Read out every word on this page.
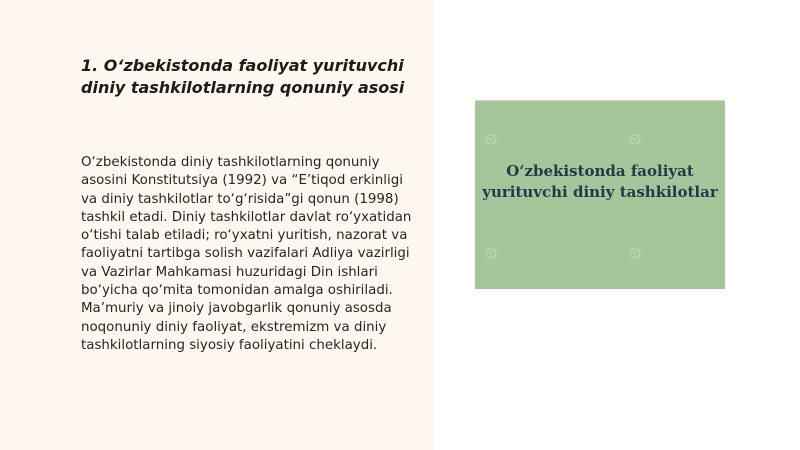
1. O‘zbekistonda faoliyat yurituvchi
diniy tashkilotlarning qonuniy asosi

O‘zbekistonda diniy tashkilotlarning qonuniy asosini Konstitutsiya (1992) va “E’tiqod erkinligi va diniy tashkilotlar to‘g‘risida”gi qonun (1998) tashkil etadi. Diniy tashkilotlar davlat ro‘yxatidan o‘tishi talab etiladi; ro‘yxatni yuritish, nazorat va faoliyatni tartibga solish vazifalari Adliya vazirligi va Vazirlar Mahkamasi huzuridagi Din ishlari bo‘yicha qo‘mita tomonidan amalga oshiriladi. Ma’muriy va jinoiy javobgarlik qonuniy asosda noqonuniy diniy faoliyat, ekstremizm va diniy tashkilotlarning siyosiy faoliyatini cheklaydi.

۞	۞
۞	۞

O‘zbekistonda faoliyat
yurituvchi diniy tashkilotlar
